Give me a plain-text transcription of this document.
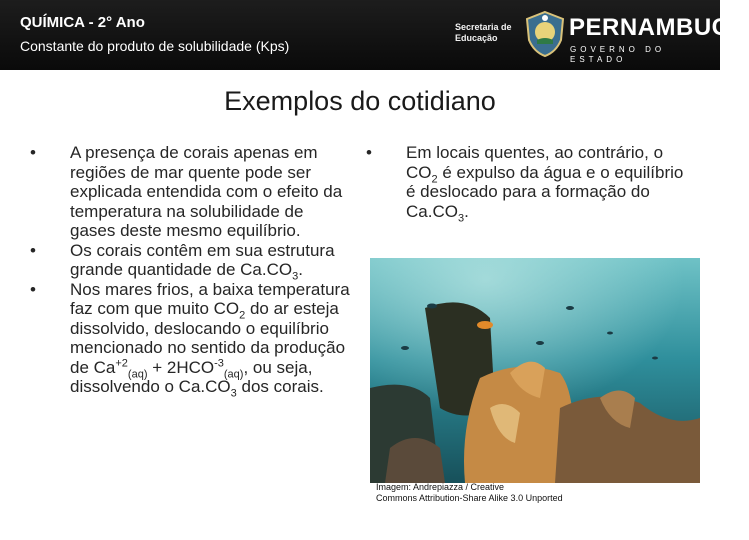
QUÍMICA - 2° Ano
Constante do produto de solubilidade (Kps)
Secretaria de
Educação	PERNAMBUCO
GOVERNO DO ESTADO
Exemplos do cotidiano
•	A presença de corais apenas em regiões de mar quente pode ser explicada entendida com o efeito da temperatura na solubilidade de gases deste mesmo equilíbrio.
•	Os corais contêm em sua estrutura grande quantidade de $Ca.CO_3$.
•	Nos mares frios, a baixa temperatura faz com que muito $CO_2$ do ar esteja dissolvido, deslocando o equilíbrio mencionado no sentido da produção de $Ca^{+2}_{(aq)} + 2HCO^{-3}_{(aq)}$, ou seja, dissolvendo o $Ca.CO_3$ dos corais.
•	Em locais quentes, ao contrário, o $CO_2$ é expulso da água e o equilíbrio é deslocado para a formação do $Ca.CO_3$.
Imagem: Andrepiazza / Creative
Commons Attribution-Share Alike 3.0 Unported
